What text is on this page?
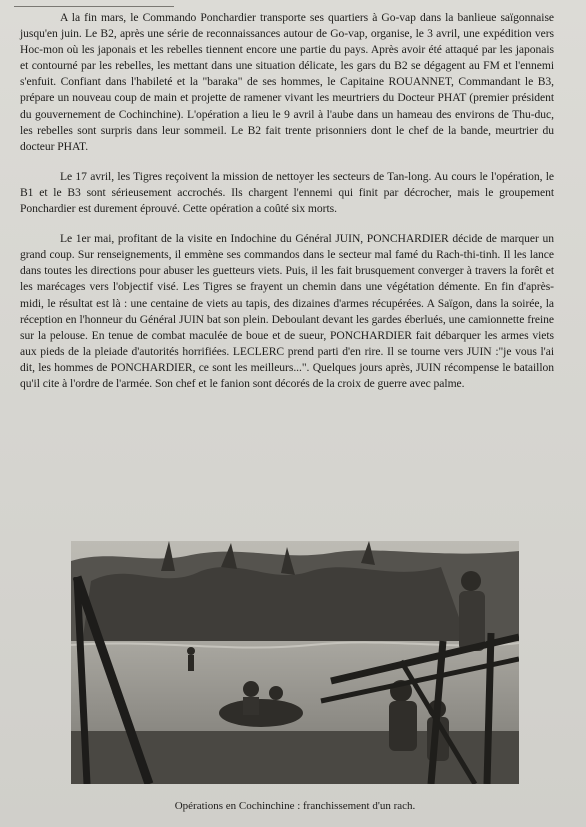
A la fin mars, le Commando Ponchardier transporte ses quartiers à Go-vap dans la banlieue saïgonnaise jusqu'en juin. Le B2, après une série de reconnaissances autour de Go-vap, organise, le 3 avril, une expédition vers Hoc-mon où les japonais et les rebelles tiennent encore une partie du pays. Après avoir été attaqué par les japonais et contourné par les rebelles, les mettant dans une situation délicate, les gars du B2 se dégagent au FM et l'ennemi s'enfuit. Confiant dans l'habileté et la "baraka" de ses hommes, le Capitaine ROUANNET, Commandant le B3, prépare un nouveau coup de main et projette de ramener vivant les meurtriers du Docteur PHAT (premier président du gouvernement de Cochinchine). L'opération a lieu le 9 avril à l'aube dans un hameau des environs de Thu-duc, les rebelles sont surpris dans leur sommeil. Le B2 fait trente prisonniers dont le chef de la bande, meurtrier du docteur PHAT.

Le 17 avril, les Tigres reçoivent la mission de nettoyer les secteurs de Tan-long. Au cours le l'opération, le B1 et le B3 sont sérieusement accrochés. Ils chargent l'ennemi qui finit par décrocher, mais le groupement Ponchardier est durement éprouvé. Cette opération a coûté six morts.

Le 1er mai, profitant de la visite en Indochine du Général JUIN, PONCHARDIER décide de marquer un grand coup. Sur renseignements, il emmène ses commandos dans le secteur mal famé du Rach-thi-tinh. Il les lance dans toutes les directions pour abuser les guetteurs viets. Puis, il les fait brusquement converger à travers la forêt et les marécages vers l'objectif visé. Les Tigres se frayent un chemin dans une végétation démente. En fin d'après-midi, le résultat est là : une centaine de viets au tapis, des dizaines d'armes récupérées. A Saïgon, dans la soirée, la réception en l'honneur du Général JUIN bat son plein. Deboulant devant les gardes éberlués, une camionnette freine sur la pelouse. En tenue de combat maculée de boue et de sueur, PONCHARDIER fait débarquer les armes viets aux pieds de la pleiade d'autorités horrifiées. LECLERC prend parti d'en rire. Il se tourne vers JUIN :"je vous l'ai dit, les hommes de PONCHARDIER, ce sont les meilleurs...". Quelques jours après, JUIN récompense le bataillon qu'il cite à l'ordre de l'armée. Son chef et le fanion sont décorés de la croix de guerre avec palme.

Opérations en Cochinchine : franchissement d'un rach.
